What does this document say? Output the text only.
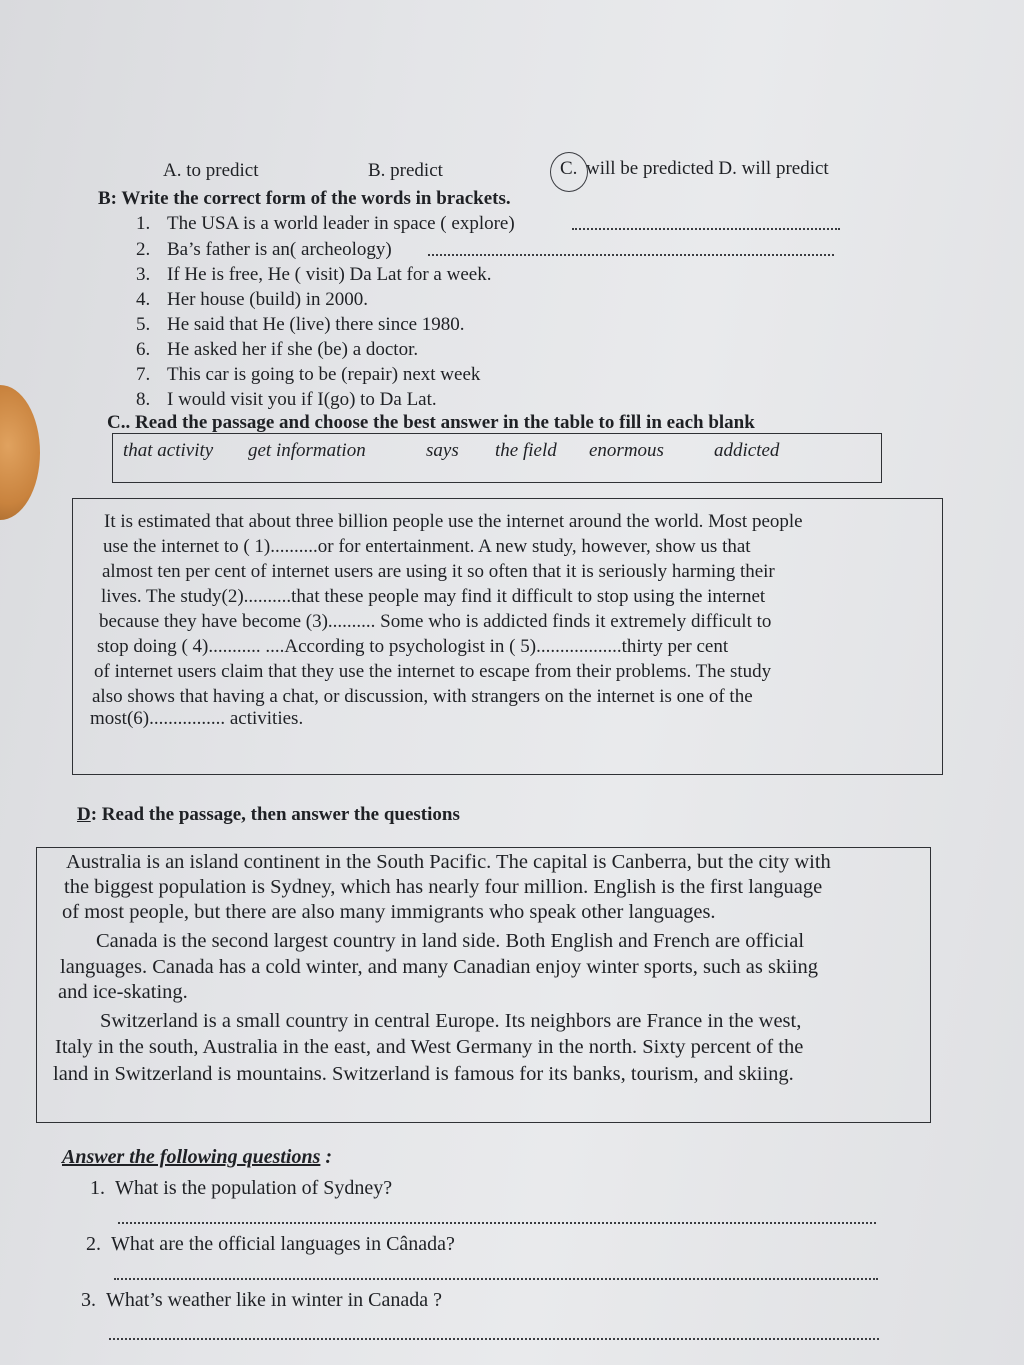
A. to predict	B. predict	C. will be predicted D. will predict
B: Write the correct form of the words in brackets.
1. The USA is a world leader in space ( explore)
2. Ba’s father is an( archeology)
3. If He is free, He ( visit) Da Lat for a week.
4. Her house (build) in 2000.
5. He said that He (live) there since 1980.
6. He asked her if she (be) a doctor.
7. This car is going to be (repair) next week
8. I would visit you if I(go) to Da Lat.
C.. Read the passage and choose the best answer in the table to fill in each blank
that activity get information	says the field enormous	addicted
It is estimated that about three billion people use the internet around the world. Most people
use the internet to ( 1)..........or for entertainment. A new study, however, show us that
almost ten per cent of internet users are using it so often that it is seriously harming their
lives. The study(2)..........that these people may find it difficult to stop using the internet
because they have become (3).......... Some who is addicted finds it extremely difficult to
stop doing ( 4)........... ....According to psychologist in ( 5)..................thirty per cent
of internet users claim that they use the internet to escape from their problems. The study
also shows that having a chat, or discussion, with strangers on the internet is one of the
most(6)................ activities.
D: Read the passage, then answer the questions
Australia is an island continent in the South Pacific. The capital is Canberra, but the city with
the biggest population is Sydney, which has nearly four million. English is the first language
of most people, but there are also many immigrants who speak other languages.
Canada is the second largest country in land side. Both English and French are official
languages. Canada has a cold winter, and many Canadian enjoy winter sports, such as skiing
and ice-skating.
Switzerland is a small country in central Europe. Its neighbors are France in the west,
Italy in the south, Australia in the east, and West Germany in the north. Sixty percent of the
land in Switzerland is mountains. Switzerland is famous for its banks, tourism, and skiing.
Answer the following questions :
1. What is the population of Sydney?
2. What are the official languages in Cânada?
3. What’s weather like in winter in Canada ?
